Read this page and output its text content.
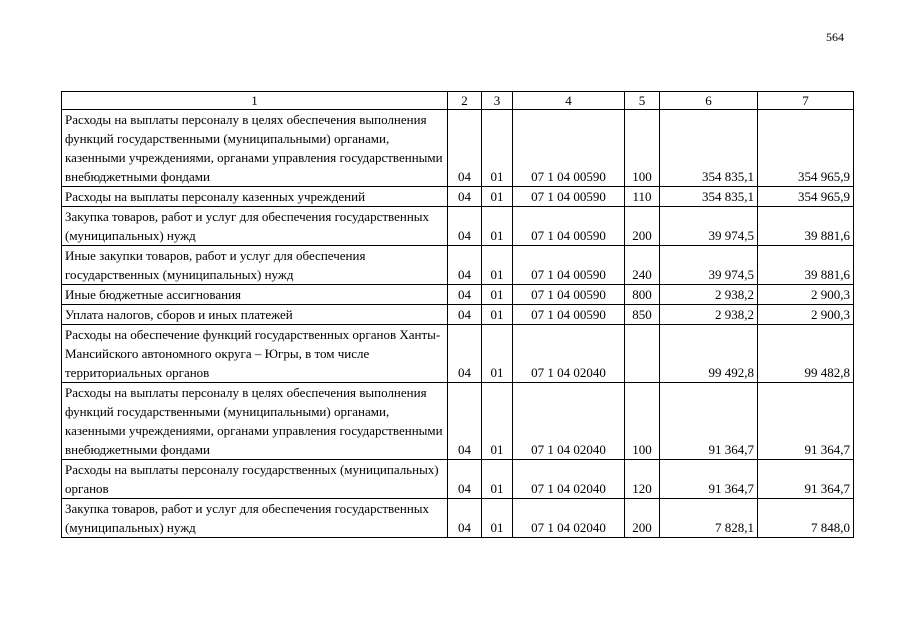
564
1	2	3	4	5	6	7
Расходы на выплаты персоналу в целях обеспечения выполнения функций государственными (муниципальными) органами, казенными учреждениями, органами управления государственными внебюджетными фондами	04	01	07 1 04 00590	100	354 835,1	354 965,9
Расходы на выплаты персоналу казенных учреждений	04	01	07 1 04 00590	110	354 835,1	354 965,9
Закупка товаров, работ и услуг для обеспечения государственных (муниципальных) нужд	04	01	07 1 04 00590	200	39 974,5	39 881,6
Иные закупки товаров, работ и услуг для обеспечения государственных (муниципальных) нужд	04	01	07 1 04 00590	240	39 974,5	39 881,6
Иные бюджетные ассигнования	04	01	07 1 04 00590	800	2 938,2	2 900,3
Уплата налогов, сборов и иных платежей	04	01	07 1 04 00590	850	2 938,2	2 900,3
Расходы на обеспечение функций государственных органов Ханты-Мансийского автономного округа – Югры, в том числе территориальных органов	04	01	07 1 04 02040		99 492,8	99 482,8
Расходы на выплаты персоналу в целях обеспечения выполнения функций государственными (муниципальными) органами, казенными учреждениями, органами управления государственными внебюджетными фондами	04	01	07 1 04 02040	100	91 364,7	91 364,7
Расходы на выплаты персоналу государственных (муниципальных) органов	04	01	07 1 04 02040	120	91 364,7	91 364,7
Закупка товаров, работ и услуг для обеспечения государственных (муниципальных) нужд	04	01	07 1 04 02040	200	7 828,1	7 848,0
